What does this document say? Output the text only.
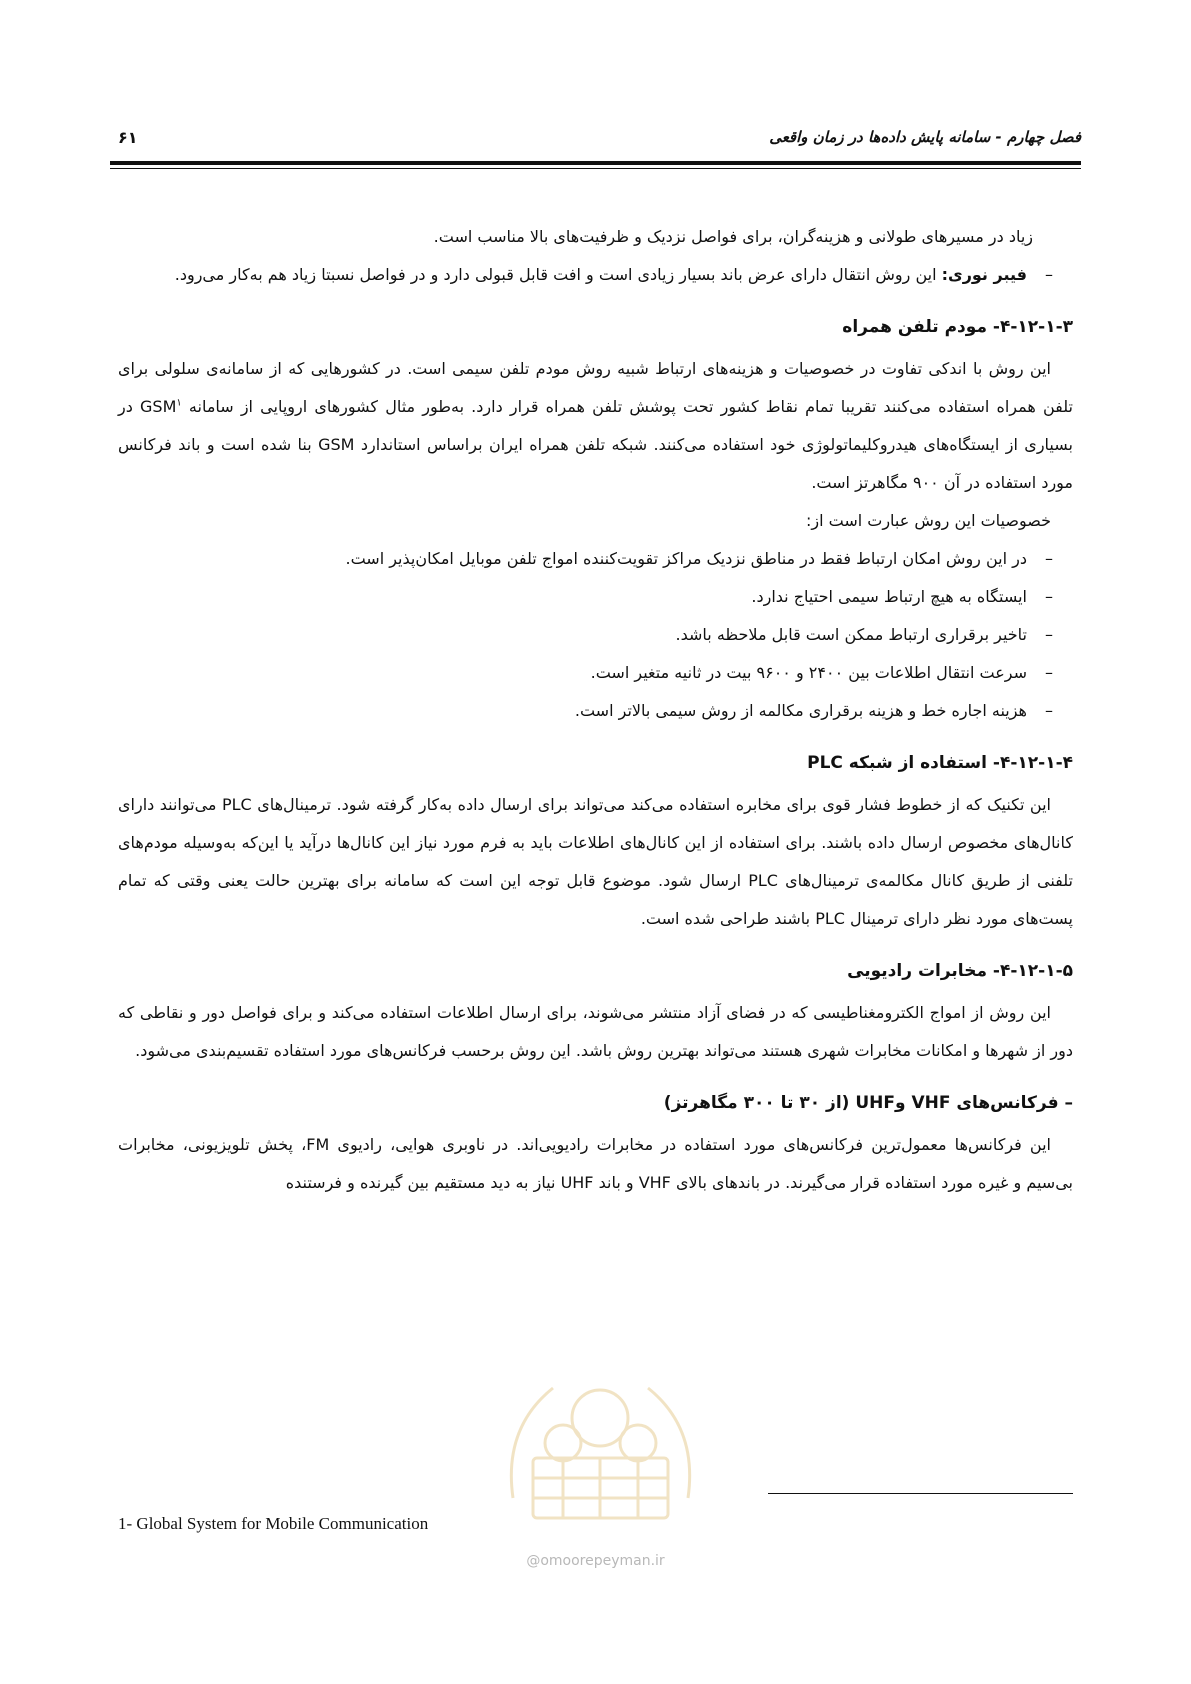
فصل چهارم - سامانه پایش داده‌ها در زمان واقعی
۶۱

زیاد در مسیرهای طولانی و هزینه‌گران، برای فواصل نزدیک و ظرفیت‌های بالا مناسب است.

– فیبر نوری: این روش انتقال دارای عرض باند بسیار زیادی است و افت قابل قبولی دارد و در فواصل نسبتا زیاد هم به‌کار می‌رود.
۴-۱۲-۱-۳- مودم تلفن همراه

این روش با اندکی تفاوت در خصوصیات و هزینه‌های ارتباط شبیه روش مودم تلفن سیمی است. در کشورهایی که از سامانه‌ی سلولی برای تلفن همراه استفاده می‌کنند تقریبا تمام نقاط کشور تحت پوشش تلفن همراه قرار دارد. به‌طور مثال کشورهای اروپایی از سامانه GSM$^۱$ در بسیاری از ایستگاه‌های هیدروکلیماتولوژی خود استفاده می‌کنند. شبکه تلفن همراه ایران براساس استاندارد GSM بنا شده است و باند فرکانس مورد استفاده در آن ۹۰۰ مگاهرتز است.

خصوصیات این روش عبارت است از:

– در این روش امکان ارتباط فقط در مناطق نزدیک مراکز تقویت‌کننده امواج تلفن موبایل امکان‌پذیر است.
– ایستگاه به هیچ ارتباط سیمی احتیاج ندارد.
– تاخیر برقراری ارتباط ممکن است قابل ملاحظه باشد.
– سرعت انتقال اطلاعات بین ۲۴۰۰ و ۹۶۰۰ بیت در ثانیه متغیر است.
– هزینه اجاره خط و هزینه برقراری مکالمه از روش سیمی بالاتر است.
۴-۱۲-۱-۴- استفاده از شبکه PLC

این تکنیک که از خطوط فشار قوی برای مخابره استفاده می‌کند می‌تواند برای ارسال داده به‌کار گرفته شود. ترمینال‌های PLC می‌توانند دارای کانال‌های مخصوص ارسال داده باشند. برای استفاده از این کانال‌های اطلاعات باید به فرم مورد نیاز این کانال‌ها درآید یا این‌که به‌وسیله مودم‌های تلفنی از طریق کانال مکالمه‌ی ترمینال‌های PLC ارسال شود. موضوع قابل توجه این است که سامانه برای بهترین حالت یعنی وقتی که تمام پست‌های مورد نظر دارای ترمینال PLC باشند طراحی شده است.

۴-۱۲-۱-۵- مخابرات رادیویی

این روش از امواج الکترومغناطیسی که در فضای آزاد منتشر می‌شوند، برای ارسال اطلاعات استفاده می‌کند و برای فواصل دور و نقاطی که دور از شهرها و امکانات مخابرات شهری هستند می‌تواند بهترین روش باشد. این روش برحسب فرکانس‌های مورد استفاده تقسیم‌بندی می‌شود.

– فرکانس‌های VHF وUHF (از ۳۰ تا ۳۰۰ مگاهرتز)

این فرکانس‌ها معمول‌ترین فرکانس‌های مورد استفاده در مخابرات رادیویی‌اند. در ناوبری هوایی، رادیوی FM، پخش تلویزیونی، مخابرات بی‌سیم و غیره مورد استفاده قرار می‌گیرند. در باندهای بالای VHF و باند UHF نیاز به دید مستقیم بین گیرنده و فرستنده

1- Global System for Mobile Communication
@omoorepeyman.ir
